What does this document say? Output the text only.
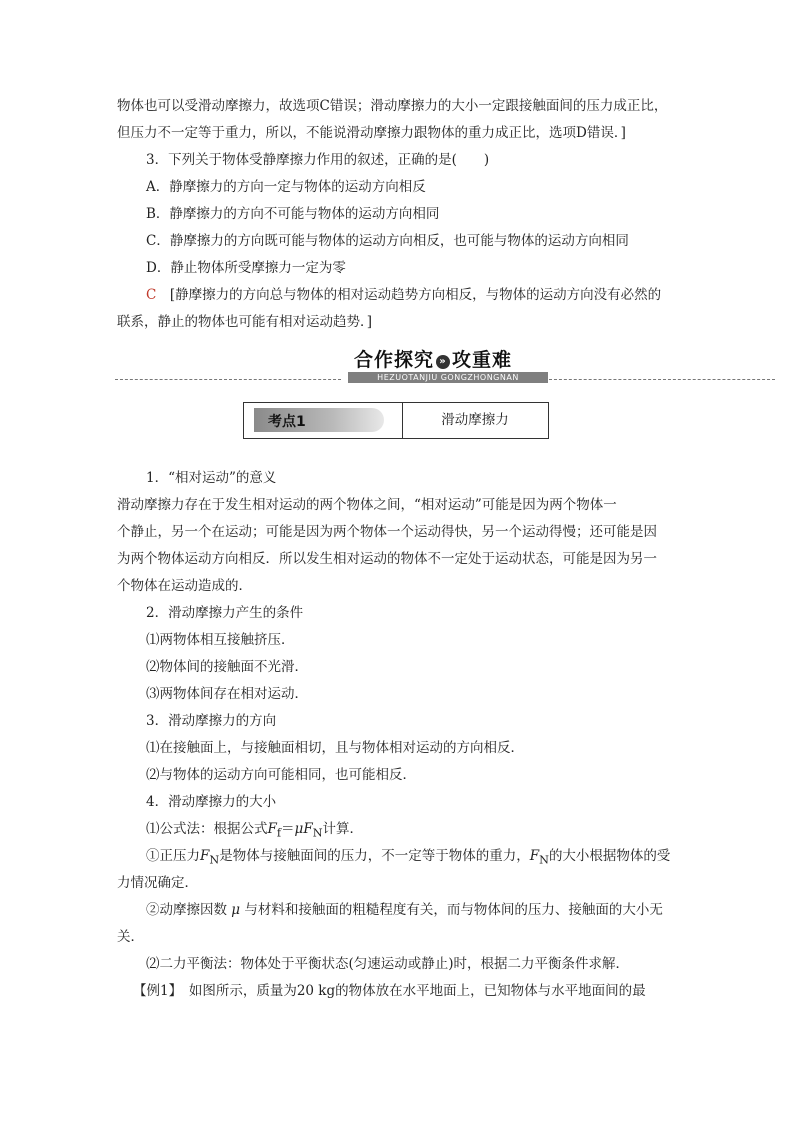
物体也可以受滑动摩擦力，故选项C错误；滑动摩擦力的大小一定跟接触面间的压力成正比，
但压力不一定等于重力，所以，不能说滑动摩擦力跟物体的重力成正比，选项D错误．]
3．下列关于物体受静摩擦力作用的叙述，正确的是(　　)
A．静摩擦力的方向一定与物体的运动方向相反
B．静摩擦力的方向不可能与物体的运动方向相同
C．静摩擦力的方向既可能与物体的运动方向相反，也可能与物体的运动方向相同
D．静止物体所受摩擦力一定为零
C　[静摩擦力的方向总与物体的相对运动趋势方向相反，与物体的运动方向没有必然的
联系，静止的物体也可能有相对运动趋势．]
合作探究 » 攻重难
HEZUOTANJIU GONGZHONGNAN
考点1	滑动摩擦力
1．“相对运动”的意义
滑动摩擦力存在于发生相对运动的两个物体之间，“相对运动”可能是因为两个物体一
个静止，另一个在运动；可能是因为两个物体一个运动得快，另一个运动得慢；还可能是因
为两个物体运动方向相反．所以发生相对运动的物体不一定处于运动状态，可能是因为另一
个物体在运动造成的．
2．滑动摩擦力产生的条件
⑴两物体相互接触挤压．
⑵物体间的接触面不光滑．
⑶两物体间存在相对运动．
3．滑动摩擦力的方向
⑴在接触面上，与接触面相切，且与物体相对运动的方向相反．
⑵与物体的运动方向可能相同，也可能相反．
4．滑动摩擦力的大小
⑴公式法：根据公式$F_f=\mu F_N$计算．
①正压力$F_N$是物体与接触面间的压力，不一定等于物体的重力，$F_N$的大小根据物体的受
力情况确定．
②动摩擦因数 μ 与材料和接触面的粗糙程度有关，而与物体间的压力、接触面的大小无
关．
⑵二力平衡法：物体处于平衡状态(匀速运动或静止)时，根据二力平衡条件求解．
【例1】　如图所示，质量为20 kg的物体放在水平地面上，已知物体与水平地面间的最
